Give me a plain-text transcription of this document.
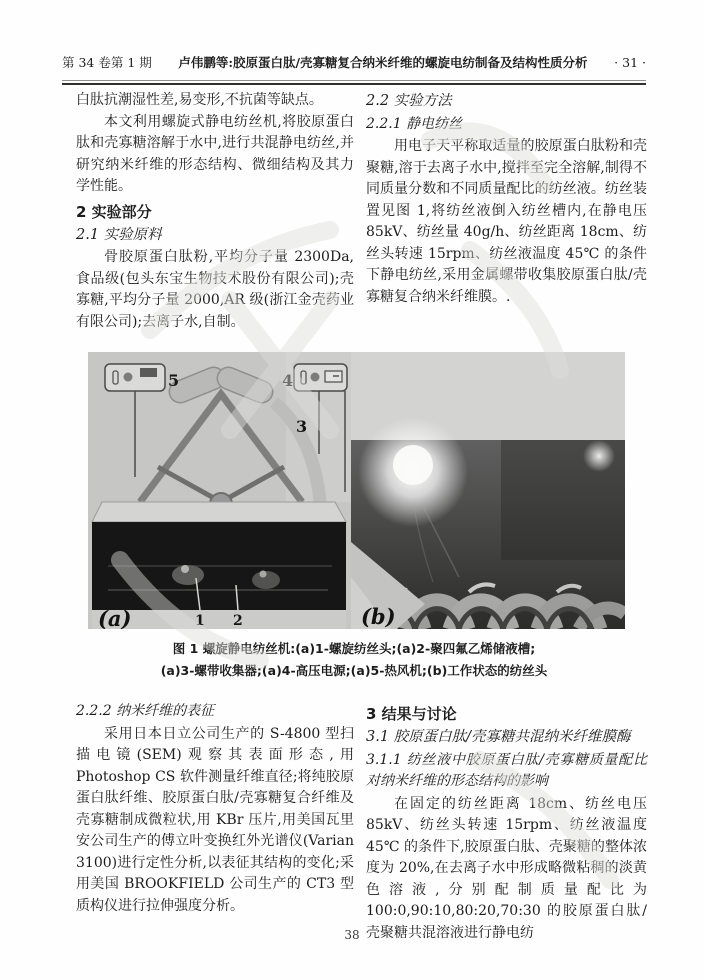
第 34 卷第 1 期 卢伟鹏等:胶原蛋白肽/壳寡糖复合纳米纤维的螺旋电纺制备及结构性质分析 · 31 ·

白肽抗潮湿性差,易变形,不抗菌等缺点。

本文利用螺旋式静电纺丝机,将胶原蛋白肽和壳寡糖溶解于水中,进行共混静电纺丝,并研究纳米纤维的形态结构、微细结构及其力学性能。

2 实验部分
2.1 实验原料

骨胶原蛋白肽粉,平均分子量 2300Da,食品级(包头东宝生物技术股份有限公司);壳寡糖,平均分子量 2000,AR 级(浙江金壳药业有限公司);去离子水,自制。

2.2 实验方法
2.2.1 静电纺丝

用电子天平称取适量的胶原蛋白肽粉和壳聚糖,溶于去离子水中,搅拌至完全溶解,制得不同质量分数和不同质量配比的纺丝液。纺丝装置见图 1,将纺丝液倒入纺丝槽内,在静电压 85kV、纺丝量 40g/h、纺丝距离 18cm、纺丝头转速 15rpm、纺丝液温度 45℃ 的条件下静电纺丝,采用金属螺带收集胶原蛋白肽/壳寡糖复合纳米纤维膜。.

5	4
3
1 2
(a)	(b)
图 1 螺旋静电纺丝机:(a)1-螺旋纺丝头;(a)2-聚四氟乙烯储液槽;
(a)3-螺带收集器;(a)4-高压电源;(a)5-热风机;(b)工作状态的纺丝头
2.2.2 纳米纤维的表征

采用日本日立公司生产的 S-4800 型扫描电镜(SEM)观察其表面形态,用 Photoshop CS 软件测量纤维直径;将纯胶原蛋白肽纤维、胶原蛋白肽/壳寡糖复合纤维及壳寡糖制成微粒状,用 KBr 压片,用美国瓦里安公司生产的傅立叶变换红外光谱仪(Varian 3100)进行定性分析,以表征其结构的变化;采用美国 BROOKFIELD 公司生产的 CT3 型质构仪进行拉伸强度分析。

3 结果与讨论
3.1 胶原蛋白肽/壳寡糖共混纳米纤维膜酶
3.1.1 纺丝液中胶原蛋白肽/壳寡糖质量配比对纳米纤维的形态结构的影响

在固定的纺丝距离 18cm、纺丝电压 85kV、纺丝头转速 15rpm、纺丝液温度 45℃ 的条件下,胶原蛋白肽、壳聚糖的整体浓度为 20%,在去离子水中形成略微粘稠的淡黄色溶液,分别配制质量配比为 100:0,90:10,80:20,70:30 的胶原蛋白肽/壳聚糖共混溶液进行静电纺

38
